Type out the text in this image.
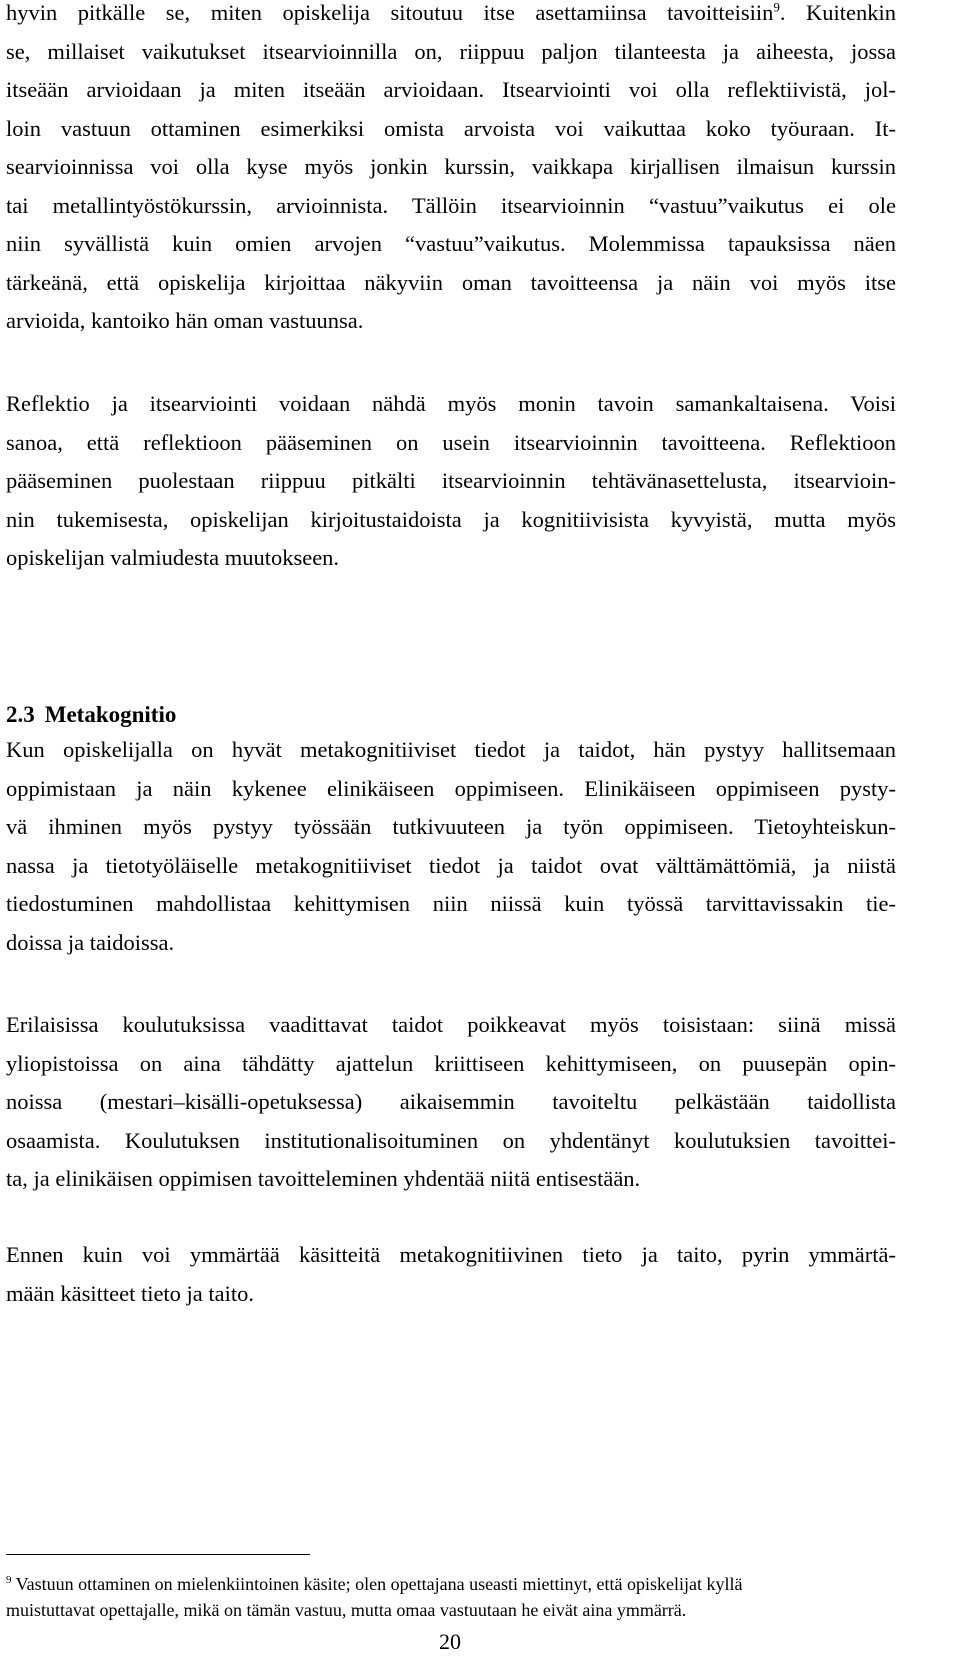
hyvin pitkälle se, miten opiskelija sitoutuu itse asettamiinsa tavoitteisiin$^9$. Kuitenkin
se, millaiset vaikutukset itsearvioinnilla on, riippuu paljon tilanteesta ja aiheesta, jossa
itseään arvioidaan ja miten itseään arvioidaan. Itsearviointi voi olla reflektiivistä, jol-
loin vastuun ottaminen esimerkiksi omista arvoista voi vaikuttaa koko työuraan. It-
searvioinnissa voi olla kyse myös jonkin kurssin, vaikkapa kirjallisen ilmaisun kurssin
tai metallintyöstökurssin, arvioinnista. Tällöin itsearvioinnin “vastuu”vaikutus ei ole
niin syvällistä kuin omien arvojen “vastuu”vaikutus. Molemmissa tapauksissa näen
tärkeänä, että opiskelija kirjoittaa näkyviin oman tavoitteensa ja näin voi myös itse
arvioida, kantoiko hän oman vastuunsa.
Reflektio ja itsearviointi voidaan nähdä myös monin tavoin samankaltaisena. Voisi
sanoa, että reflektioon pääseminen on usein itsearvioinnin tavoitteena. Reflektioon
pääseminen puolestaan riippuu pitkälti itsearvioinnin tehtävänasettelusta, itsearvioin-
nin tukemisesta, opiskelijan kirjoitustaidoista ja kognitiivisista kyvyistä, mutta myös
opiskelijan valmiudesta muutokseen.
2.3 Metakognitio
Kun opiskelijalla on hyvät metakognitiiviset tiedot ja taidot, hän pystyy hallitsemaan
oppimistaan ja näin kykenee elinikäiseen oppimiseen. Elinikäiseen oppimiseen pysty-
vä ihminen myös pystyy työssään tutkivuuteen ja työn oppimiseen. Tietoyhteiskun-
nassa ja tietotyöläiselle metakognitiiviset tiedot ja taidot ovat välttämättömiä, ja niistä
tiedostuminen mahdollistaa kehittymisen niin niissä kuin työssä tarvittavissakin tie-
doissa ja taidoissa.
Erilaisissa koulutuksissa vaadittavat taidot poikkeavat myös toisistaan: siinä missä
yliopistoissa on aina tähdätty ajattelun kriittiseen kehittymiseen, on puusepän opin-
noissa (mestari–kisälli-opetuksessa) aikaisemmin tavoiteltu pelkästään taidollista
osaamista. Koulutuksen institutionalisoituminen on yhdentänyt koulutuksien tavoittei-
ta, ja elinikäisen oppimisen tavoitteleminen yhdentää niitä entisestään.
Ennen kuin voi ymmärtää käsitteitä metakognitiivinen tieto ja taito, pyrin ymmärtä-
mään käsitteet tieto ja taito.
$^9$ Vastuun ottaminen on mielenkiintoinen käsite; olen opettajana useasti miettinyt, että opiskelijat kyllä
muistuttavat opettajalle, mikä on tämän vastuu, mutta omaa vastuutaan he eivät aina ymmärrä.
20
